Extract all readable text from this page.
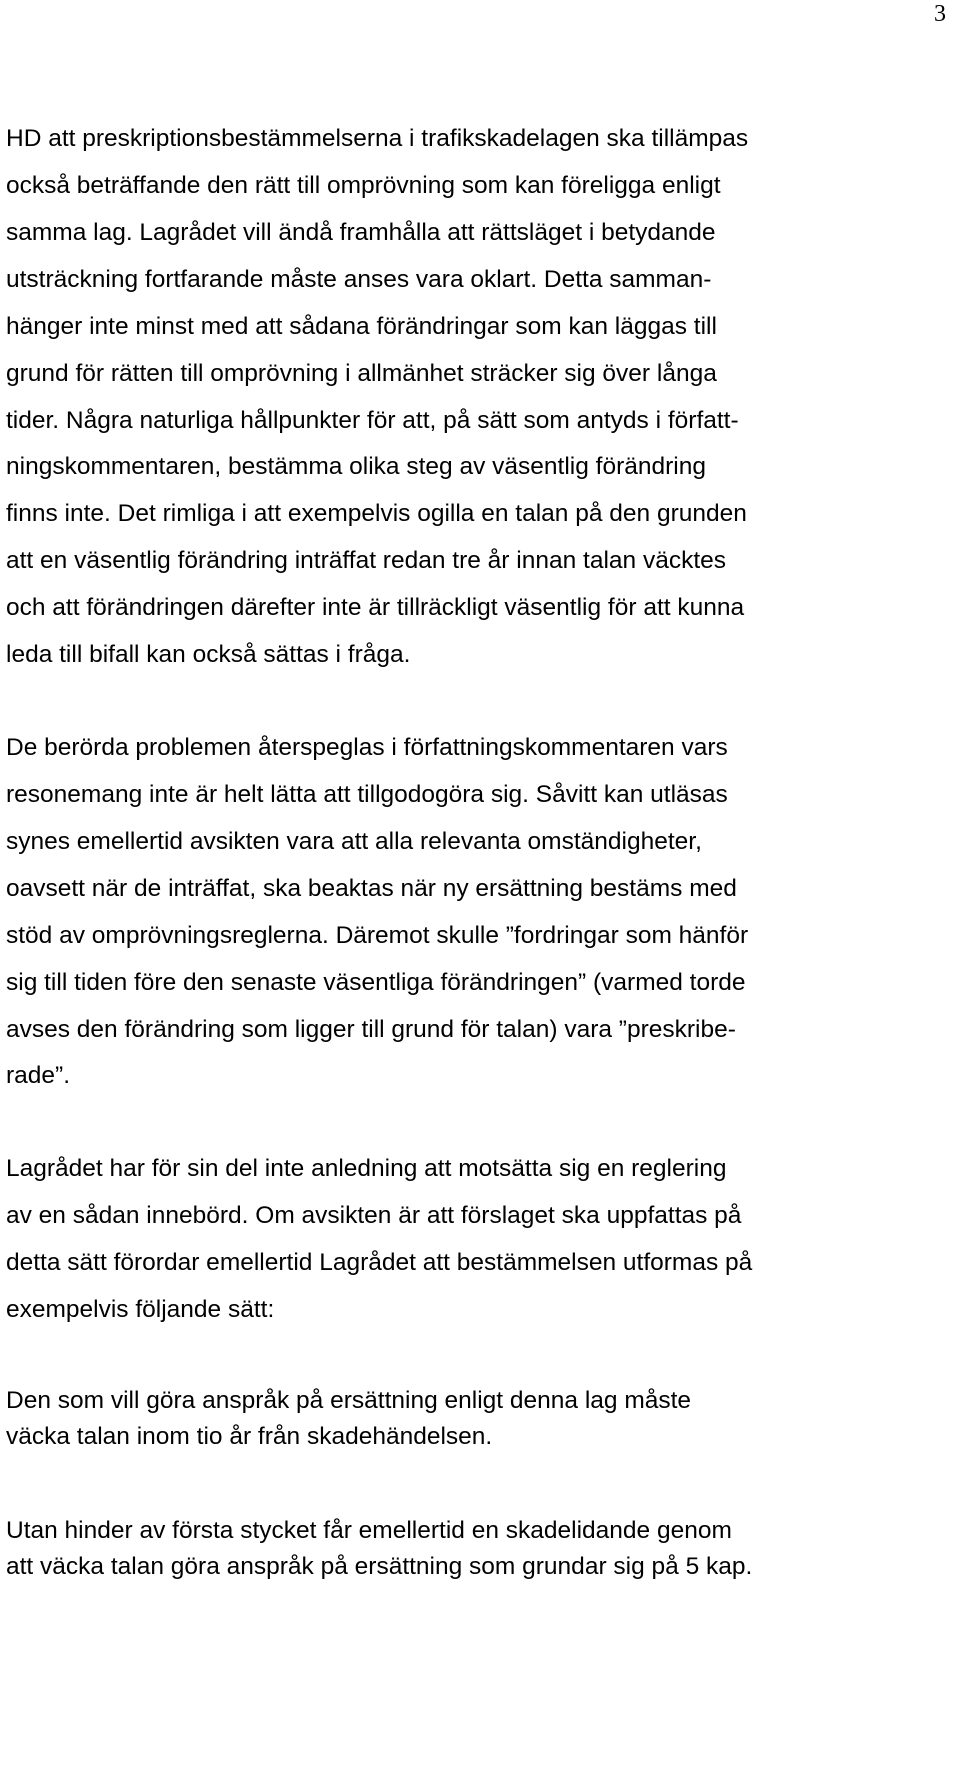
3
HD att preskriptionsbestämmelserna i trafikskadelagen ska tillämpas
också beträffande den rätt till omprövning som kan föreligga enligt
samma lag. Lagrådet vill ändå framhålla att rättsläget i betydande
utsträckning fortfarande måste anses vara oklart. Detta samman-
hänger inte minst med att sådana förändringar som kan läggas till
grund för rätten till omprövning i allmänhet sträcker sig över långa
tider. Några naturliga hållpunkter för att, på sätt som antyds i författ-
ningskommentaren, bestämma olika steg av väsentlig förändring
finns inte. Det rimliga i att exempelvis ogilla en talan på den grunden
att en väsentlig förändring inträffat redan tre år innan talan väcktes
och att förändringen därefter inte är tillräckligt väsentlig för att kunna
leda till bifall kan också sättas i fråga.
De berörda problemen återspeglas i författningskommentaren vars
resonemang inte är helt lätta att tillgodogöra sig. Såvitt kan utläsas
synes emellertid avsikten vara att alla relevanta omständigheter,
oavsett när de inträffat, ska beaktas när ny ersättning bestäms med
stöd av omprövningsreglerna. Däremot skulle ”fordringar som hänför
sig till tiden före den senaste väsentliga förändringen” (varmed torde
avses den förändring som ligger till grund för talan) vara ”preskribe-
rade”.
Lagrådet har för sin del inte anledning att motsätta sig en reglering
av en sådan innebörd. Om avsikten är att förslaget ska uppfattas på
detta sätt förordar emellertid Lagrådet att bestämmelsen utformas på
exempelvis följande sätt:
Den som vill göra anspråk på ersättning enligt denna lag måste
väcka talan inom tio år från skadehändelsen.
Utan hinder av första stycket får emellertid en skadelidande genom
att väcka talan göra anspråk på ersättning som grundar sig på 5 kap.
